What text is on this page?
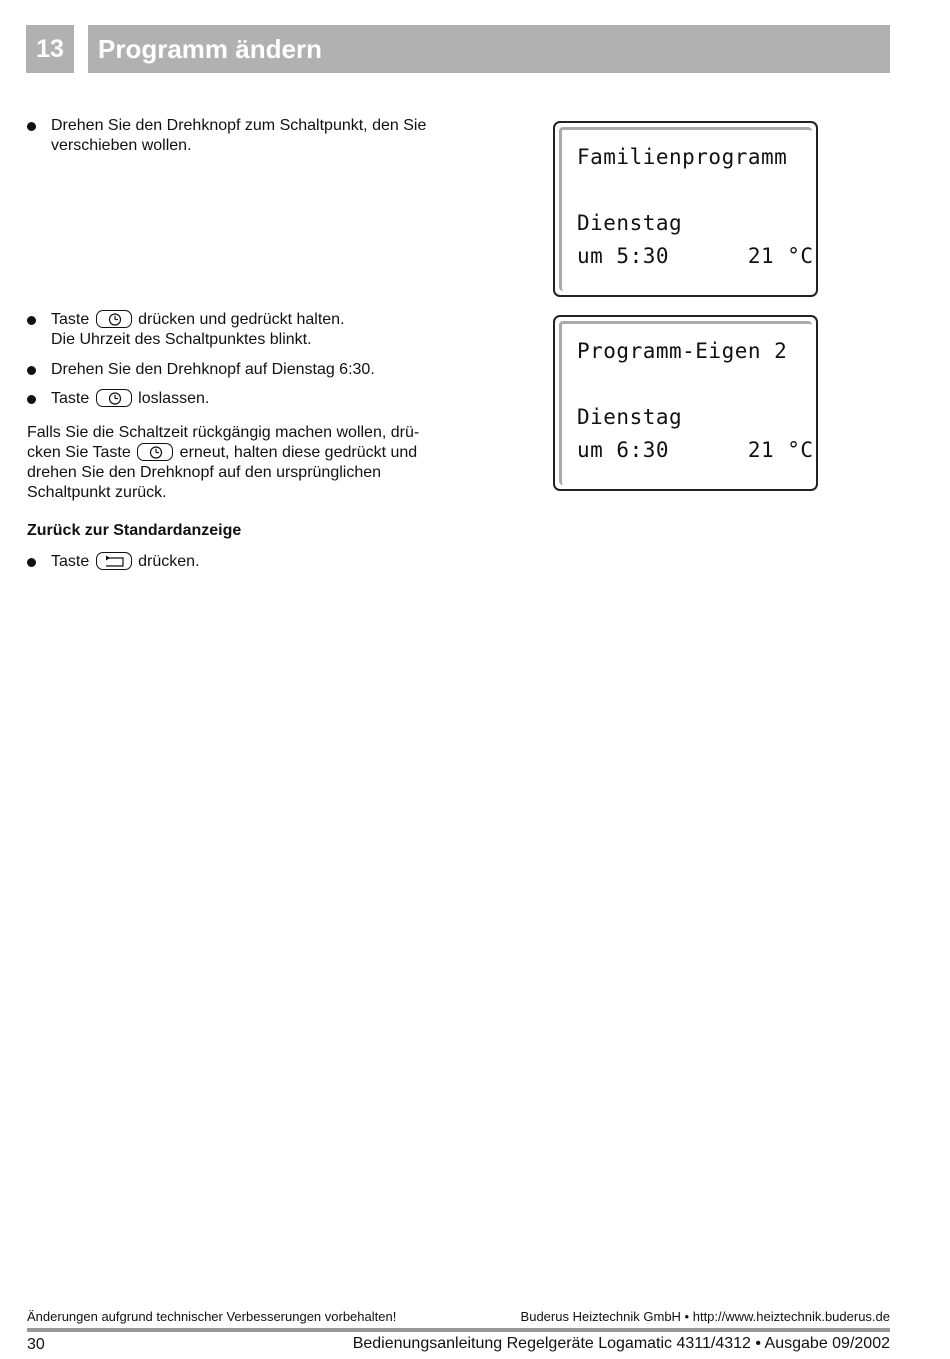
13	Programm ändern
Drehen Sie den Drehknopf zum Schaltpunkt, den Sie verschieben wollen.
Taste	drücken und gedrückt halten.
Die Uhrzeit des Schaltpunktes blinkt.
Drehen Sie den Drehknopf auf Dienstag 6:30.
Taste	loslassen.
Falls Sie die Schaltzeit rückgängig machen wollen, drü-
cken Sie Taste	erneut, halten diese gedrückt und
drehen Sie den Drehknopf auf den ursprünglichen
Schaltpunkt zurück.
Zurück zur Standardanzeige
Taste	drücken.
Familienprogramm
Dienstag
um 5:30      21 °C
Programm-Eigen 2
Dienstag
um 6:30      21 °C
Änderungen aufgrund technischer Verbesserungen vorbehalten!	Buderus Heiztechnik GmbH • http://www.heiztechnik.buderus.de
30	Bedienungsanleitung Regelgeräte Logamatic 4311/4312 • Ausgabe 09/2002
